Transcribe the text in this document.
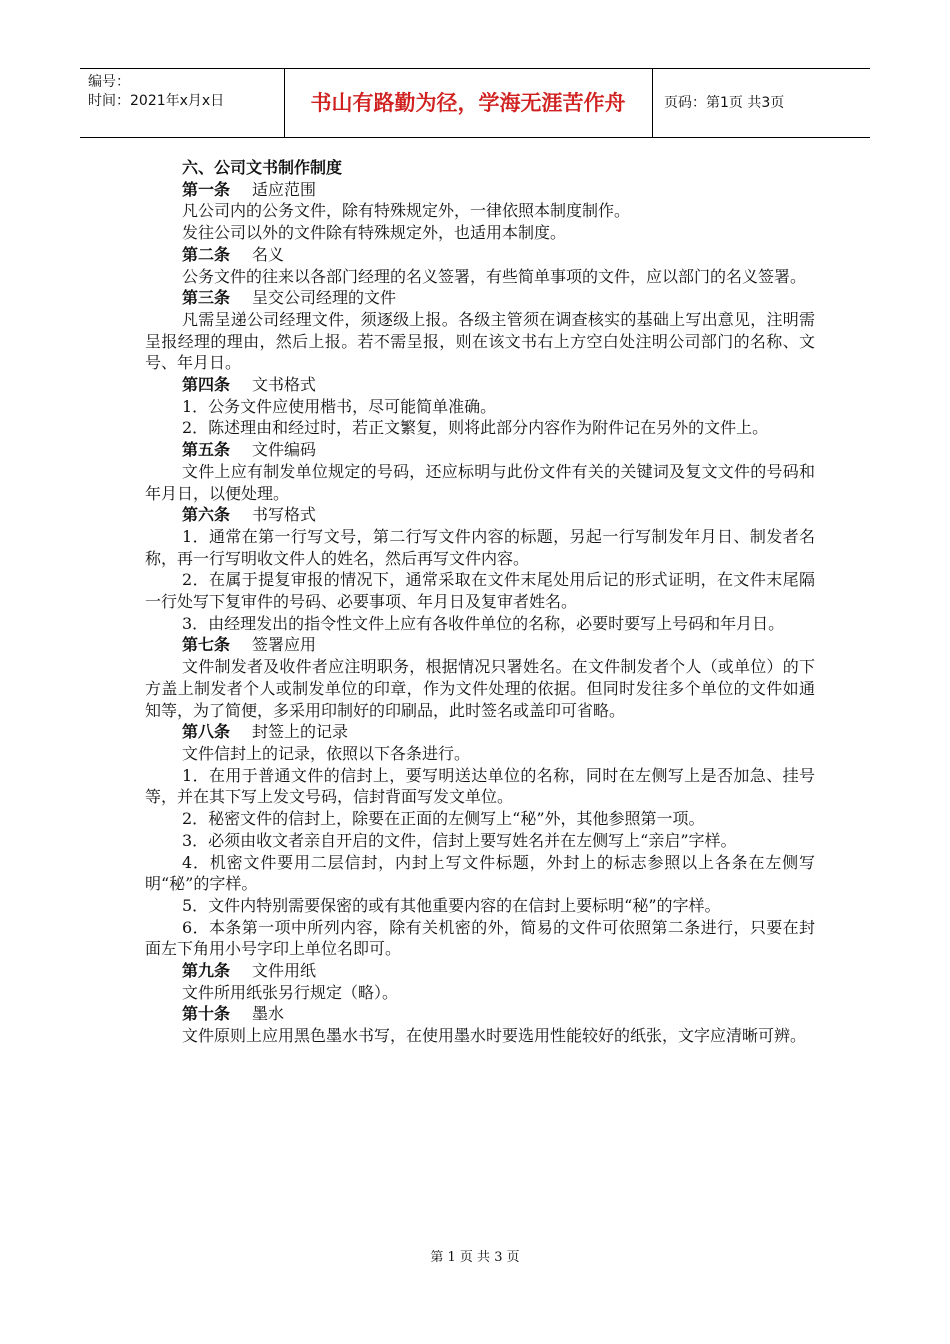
编号：
时间：2021年x月x日	书山有路勤为径，学海无涯苦作舟	页码：第1页 共3页
六、公司文书制作制度
第一条 适应范围
凡公司内的公务文件，除有特殊规定外，一律依照本制度制作。
发往公司以外的文件除有特殊规定外，也适用本制度。
第二条 名义
公务文件的往来以各部门经理的名义签署，有些简单事项的文件，应以部门的名义签署。
第三条 呈交公司经理的文件
凡需呈递公司经理文件，须逐级上报。各级主管须在调查核实的基础上写出意见，注明需呈报经理的理由，然后上报。若不需呈报，则在该文书右上方空白处注明公司部门的名称、文号、年月日。
第四条 文书格式
1．公务文件应使用楷书，尽可能简单准确。
2．陈述理由和经过时，若正文繁复，则将此部分内容作为附件记在另外的文件上。
第五条 文件编码
文件上应有制发单位规定的号码，还应标明与此份文件有关的关键词及复文文件的号码和年月日，以便处理。
第六条 书写格式
1．通常在第一行写文号，第二行写文件内容的标题，另起一行写制发年月日、制发者名称，再一行写明收文件人的姓名，然后再写文件内容。
2．在属于提复审报的情况下，通常采取在文件末尾处用后记的形式证明，在文件末尾隔一行处写下复审件的号码、必要事项、年月日及复审者姓名。
3．由经理发出的指令性文件上应有各收件单位的名称，必要时要写上号码和年月日。
第七条 签署应用
文件制发者及收件者应注明职务，根据情况只署姓名。在文件制发者个人（或单位）的下方盖上制发者个人或制发单位的印章，作为文件处理的依据。但同时发往多个单位的文件如通知等，为了简便，多采用印制好的印刷品，此时签名或盖印可省略。
第八条 封签上的记录
文件信封上的记录，依照以下各条进行。
1．在用于普通文件的信封上，要写明送达单位的名称，同时在左侧写上是否加急、挂号等，并在其下写上发文号码，信封背面写发文单位。
2．秘密文件的信封上，除要在正面的左侧写上“秘”外，其他参照第一项。
3．必须由收文者亲自开启的文件，信封上要写姓名并在左侧写上“亲启”字样。
4．机密文件要用二层信封，内封上写文件标题，外封上的标志参照以上各条在左侧写明“秘”的字样。
5．文件内特别需要保密的或有其他重要内容的在信封上要标明“秘”的字样。
6．本条第一项中所列内容，除有关机密的外，简易的文件可依照第二条进行，只要在封面左下角用小号字印上单位名即可。
第九条 文件用纸
文件所用纸张另行规定（略）。
第十条 墨水
文件原则上应用黑色墨水书写，在使用墨水时要选用性能较好的纸张，文字应清晰可辨。
第 1 页 共 3 页
